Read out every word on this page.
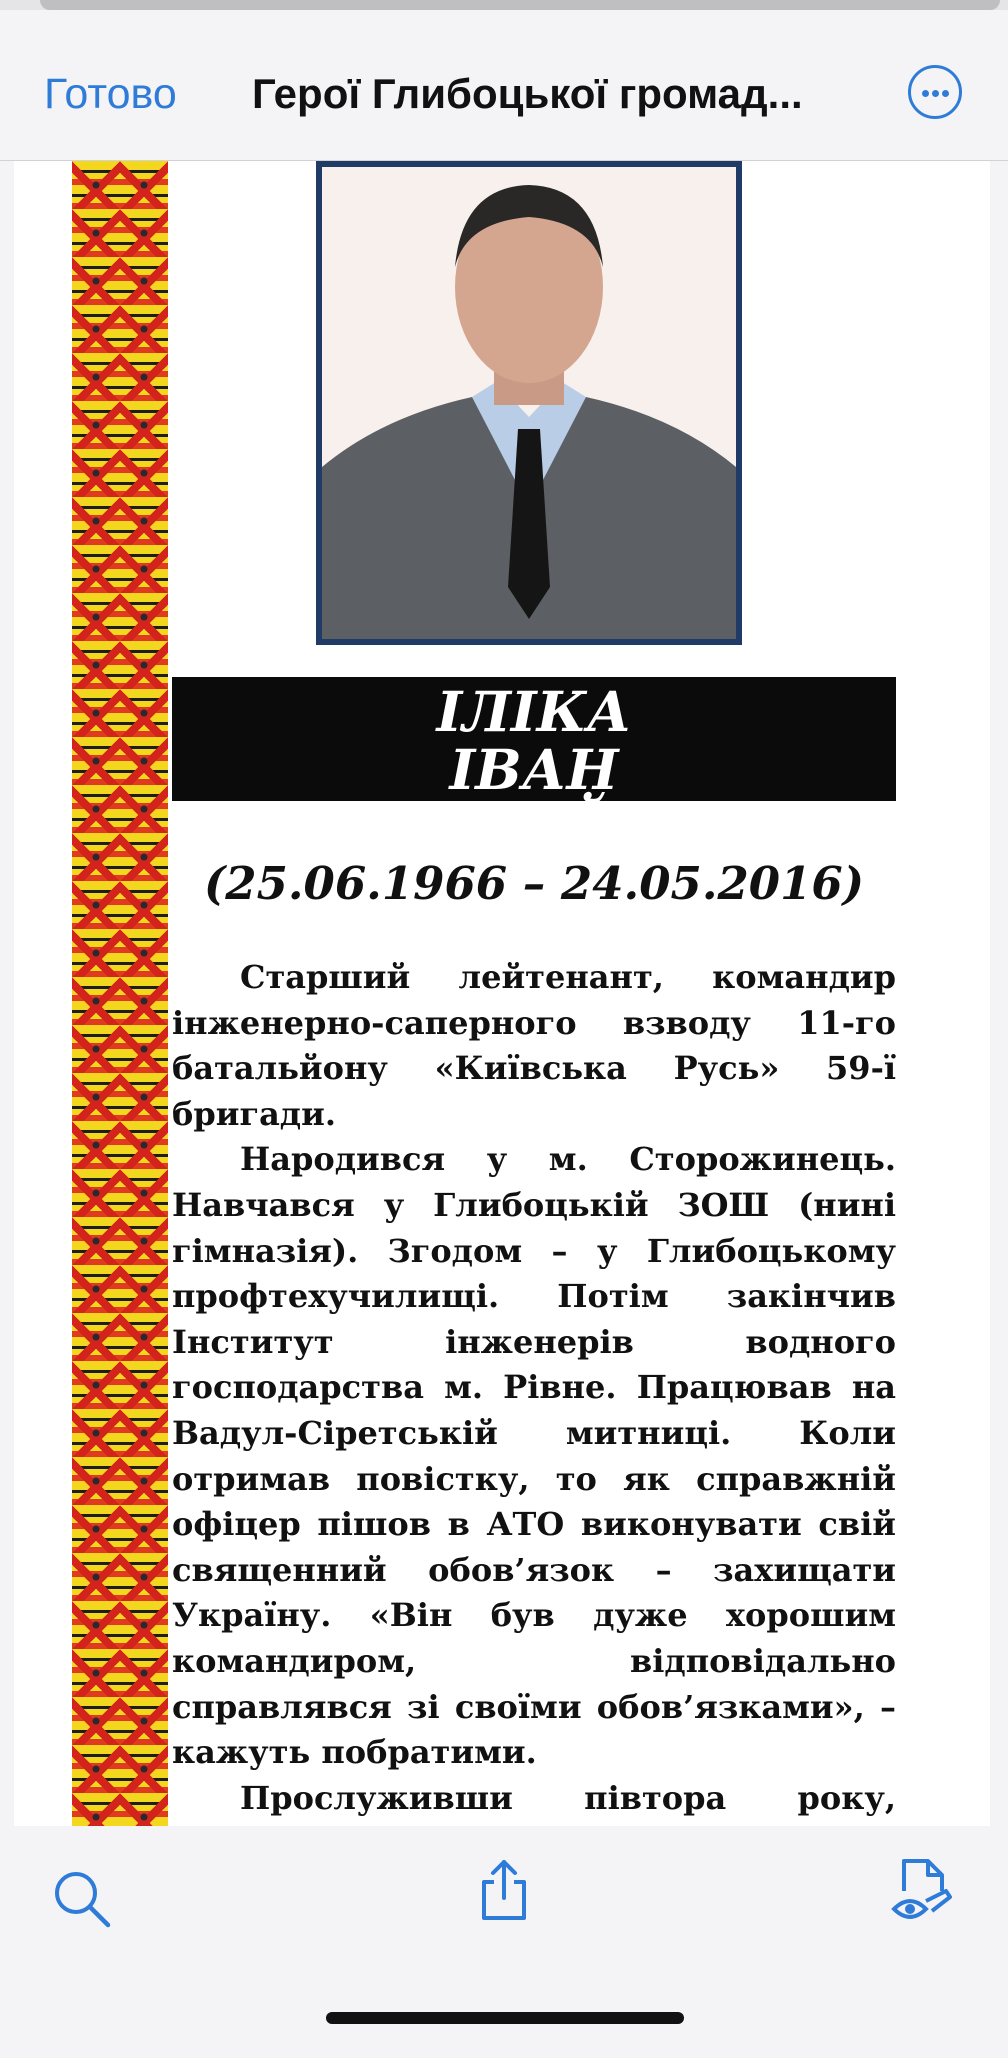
Готово Герої Глибоцької громад...
ІЛІКА
ІВАН МИКОЛАЙОВИЧ
(25.06.1966 – 24.05.2016)

Старший лейтенант, командир інженерно-саперного взводу 11-го батальйону «Київська Русь» 59-ї бригади.

Народився у м. Сторожинець. Навчався у Глибоцькій ЗОШ (нині гімназія). Згодом – у Глибоцькому профтехучилищі. Потім закінчив Інститут інженерів водного господарства м. Рівне. Працював на Вадул-Сіретській митниці. Коли отримав повістку, то як справжній офіцер пішов в АТО виконувати свій священний обов’язок – захищати Україну. «Він був дуже хорошим командиром, відповідально справлявся зі своїми обов’язками», – кажуть побратими.

Прослуживши півтора року,
